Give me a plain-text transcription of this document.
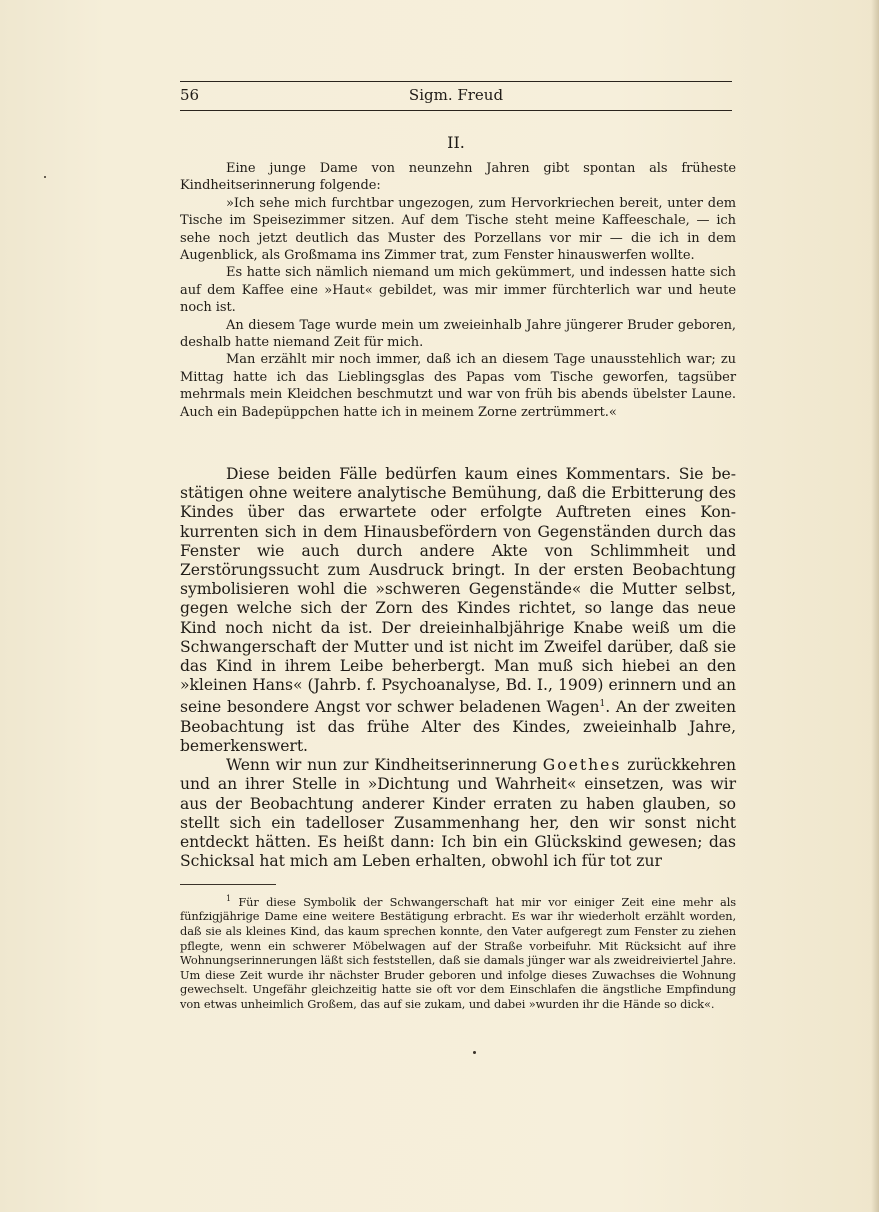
56	Sigm. Freud
II.

Eine junge Dame von neunzehn Jahren gibt spontan als früheste Kindheitserinnerung folgende:

»Ich sehe mich furchtbar ungezogen, zum Hervorkriechen bereit, unter dem Tische im Speisezimmer sitzen. Auf dem Tische steht meine Kaffeeschale, — ich sehe noch jetzt deutlich das Muster des Porzellans vor mir — die ich in dem Augenblick, als Großmama ins Zimmer trat, zum Fenster hinauswerfen wollte.

Es hatte sich nämlich niemand um mich gekümmert, und indessen hatte sich auf dem Kaffee eine »Haut« gebildet, was mir immer fürchterlich war und heute noch ist.

An diesem Tage wurde mein um zweieinhalb Jahre jüngerer Bruder geboren, deshalb hatte niemand Zeit für mich.

Man erzählt mir noch immer, daß ich an diesem Tage unausstehlich war; zu Mittag hatte ich das Lieblingsglas des Papas vom Tische geworfen, tagsüber mehrmals mein Kleidchen beschmutzt und war von früh bis abends übelster Laune. Auch ein Badepüppchen hatte ich in meinem Zorne zertrümmert.«

Diese beiden Fälle bedürfen kaum eines Kommentars. Sie bestätigen ohne weitere analytische Bemühung, daß die Erbitterung des Kindes über das erwartete oder erfolgte Auftreten eines Konkurrenten sich in dem Hinausbefördern von Gegenständen durch das Fenster wie auch durch andere Akte von Schlimmheit und Zerstörungssucht zum Ausdruck bringt. In der ersten Beobachtung symbolisieren wohl die »schweren Gegenstände« die Mutter selbst, gegen welche sich der Zorn des Kindes richtet, so lange das neue Kind noch nicht da ist. Der dreieinhalbjährige Knabe weiß um die Schwangerschaft der Mutter und ist nicht im Zweifel darüber, daß sie das Kind in ihrem Leibe beherbergt. Man muß sich hiebei an den »kleinen Hans« (Jahrb. f. Psychoanalyse, Bd. I., 1909) erinnern und an seine besondere Angst vor schwer beladenen Wagen$^1$. An der zweiten Beobachtung ist das frühe Alter des Kindes, zweieinhalb Jahre, bemerkenswert.

Wenn wir nun zur Kindheitserinnerung Goethes zurückkehren und an ihrer Stelle in »Dichtung und Wahrheit« einsetzen, was wir aus der Beobachtung anderer Kinder erraten zu haben glauben, so stellt sich ein tadelloser Zusammenhang her, den wir sonst nicht entdeckt hätten. Es heißt dann: Ich bin ein Glückskind gewesen; das Schicksal hat mich am Leben erhalten, obwohl ich für tot zur

$^1$ Für diese Symbolik der Schwangerschaft hat mir vor einiger Zeit eine mehr als fünfzigjährige Dame eine weitere Bestätigung erbracht. Es war ihr wiederholt erzählt worden, daß sie als kleines Kind, das kaum sprechen konnte, den Vater aufgeregt zum Fenster zu ziehen pflegte, wenn ein schwerer Möbelwagen auf der Straße vorbeifuhr. Mit Rücksicht auf ihre Wohnungserinnerungen läßt sich feststellen, daß sie damals jünger war als zweidreiviertel Jahre. Um diese Zeit wurde ihr nächster Bruder geboren und infolge dieses Zuwachses die Wohnung gewechselt. Ungefähr gleichzeitig hatte sie oft vor dem Einschlafen die ängstliche Empfindung von etwas unheimlich Großem, das auf sie zukam, und dabei »wurden ihr die Hände so dick«.
